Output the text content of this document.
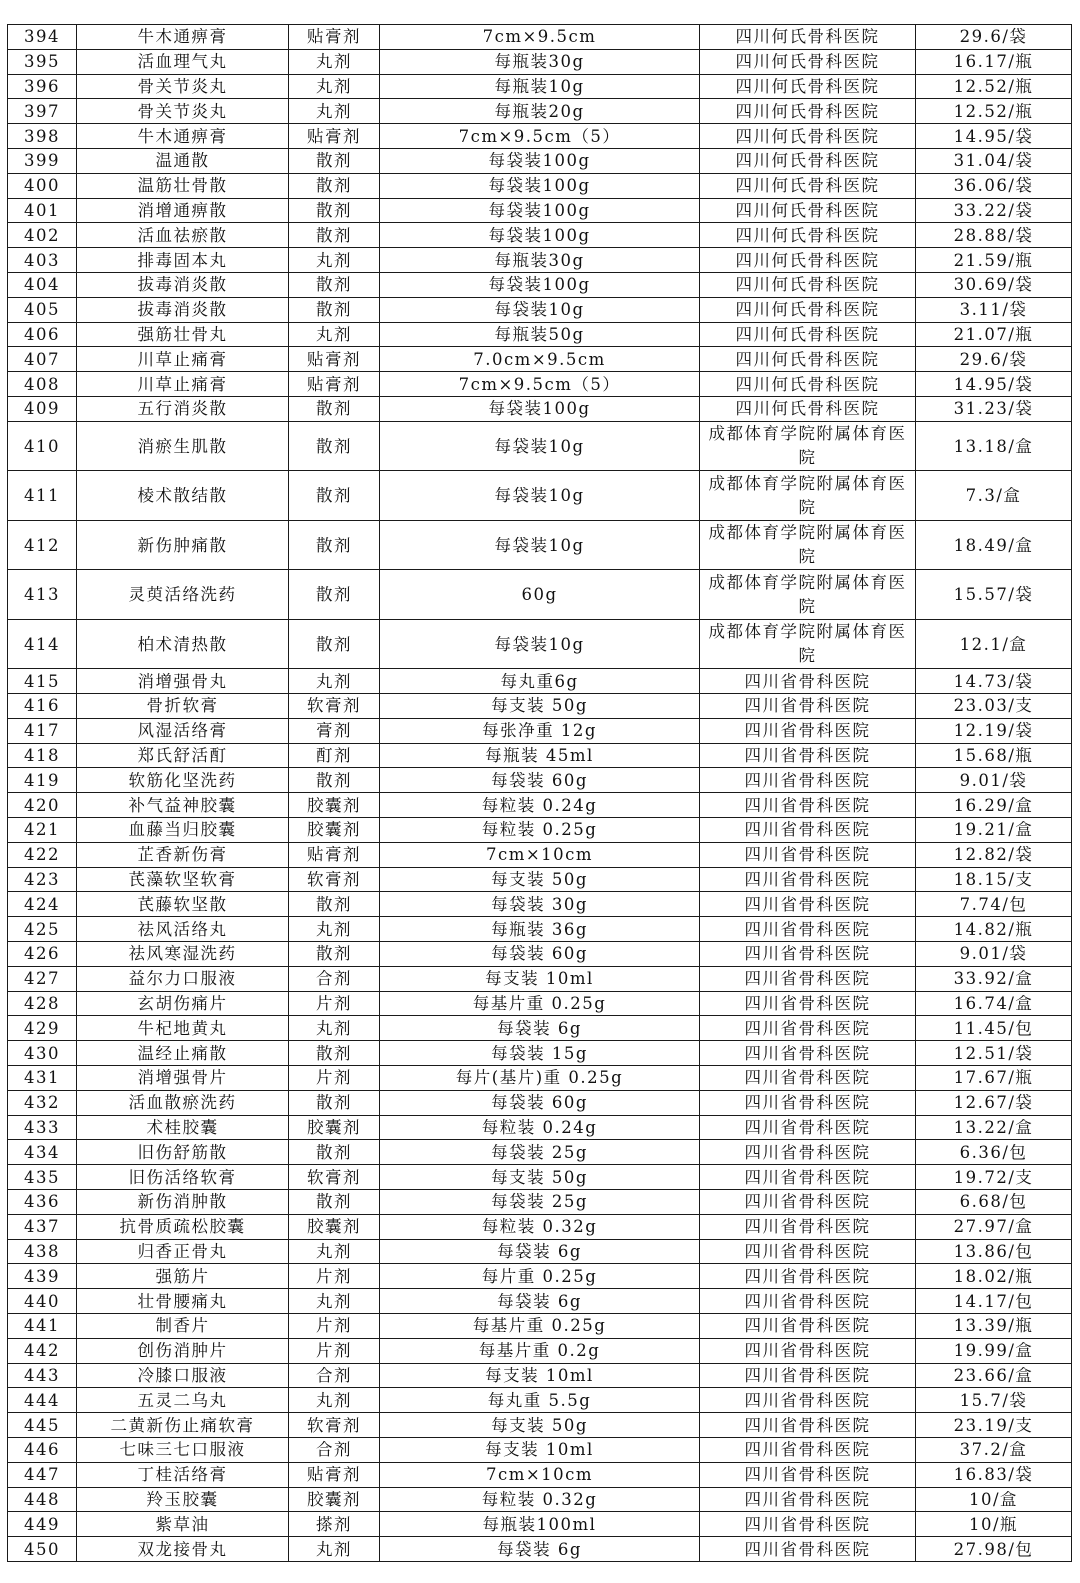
394	牛木通痹膏	贴膏剂	7cm×9.5cm	四川何氏骨科医院	29.6/袋
395	活血理气丸	丸剂	每瓶装30g	四川何氏骨科医院	16.17/瓶
396	骨关节炎丸	丸剂	每瓶装10g	四川何氏骨科医院	12.52/瓶
397	骨关节炎丸	丸剂	每瓶装20g	四川何氏骨科医院	12.52/瓶
398	牛木通痹膏	贴膏剂	7cm×9.5cm（5）	四川何氏骨科医院	14.95/袋
399	温通散	散剂	每袋装100g	四川何氏骨科医院	31.04/袋
400	温筋壮骨散	散剂	每袋装100g	四川何氏骨科医院	36.06/袋
401	消增通痹散	散剂	每袋装100g	四川何氏骨科医院	33.22/袋
402	活血祛瘀散	散剂	每袋装100g	四川何氏骨科医院	28.88/袋
403	排毒固本丸	丸剂	每瓶装30g	四川何氏骨科医院	21.59/瓶
404	拔毒消炎散	散剂	每袋装100g	四川何氏骨科医院	30.69/袋
405	拔毒消炎散	散剂	每袋装10g	四川何氏骨科医院	3.11/袋
406	强筋壮骨丸	丸剂	每瓶装50g	四川何氏骨科医院	21.07/瓶
407	川草止痛膏	贴膏剂	7.0cm×9.5cm	四川何氏骨科医院	29.6/袋
408	川草止痛膏	贴膏剂	7cm×9.5cm（5）	四川何氏骨科医院	14.95/袋
409	五行消炎散	散剂	每袋装100g	四川何氏骨科医院	31.23/袋
410	消瘀生肌散	散剂	每袋装10g	成都体育学院附属体育医院	13.18/盒
411	棱术散结散	散剂	每袋装10g	成都体育学院附属体育医院	7.3/盒
412	新伤肿痛散	散剂	每袋装10g	成都体育学院附属体育医院	18.49/盒
413	灵萸活络洗药	散剂	60g	成都体育学院附属体育医院	15.57/袋
414	柏术清热散	散剂	每袋装10g	成都体育学院附属体育医院	12.1/盒
415	消增强骨丸	丸剂	每丸重6g	四川省骨科医院	14.73/袋
416	骨折软膏	软膏剂	每支装 50g	四川省骨科医院	23.03/支
417	风湿活络膏	膏剂	每张净重 12g	四川省骨科医院	12.19/袋
418	郑氏舒活酊	酊剂	每瓶装 45ml	四川省骨科医院	15.68/瓶
419	软筋化坚洗药	散剂	每袋装 60g	四川省骨科医院	9.01/袋
420	补气益神胶囊	胶囊剂	每粒装 0.24g	四川省骨科医院	16.29/盒
421	血藤当归胶囊	胶囊剂	每粒装 0.25g	四川省骨科医院	19.21/盒
422	芷香新伤膏	贴膏剂	7cm×10cm	四川省骨科医院	12.82/袋
423	芪藻软坚软膏	软膏剂	每支装 50g	四川省骨科医院	18.15/支
424	芪藤软坚散	散剂	每袋装 30g	四川省骨科医院	7.74/包
425	祛风活络丸	丸剂	每瓶装 36g	四川省骨科医院	14.82/瓶
426	祛风寒湿洗药	散剂	每袋装 60g	四川省骨科医院	9.01/袋
427	益尔力口服液	合剂	每支装 10ml	四川省骨科医院	33.92/盒
428	玄胡伤痛片	片剂	每基片重 0.25g	四川省骨科医院	16.74/盒
429	牛杞地黄丸	丸剂	每袋装 6g	四川省骨科医院	11.45/包
430	温经止痛散	散剂	每袋装 15g	四川省骨科医院	12.51/袋
431	消增强骨片	片剂	每片(基片)重 0.25g	四川省骨科医院	17.67/瓶
432	活血散瘀洗药	散剂	每袋装 60g	四川省骨科医院	12.67/袋
433	术桂胶囊	胶囊剂	每粒装 0.24g	四川省骨科医院	13.22/盒
434	旧伤舒筋散	散剂	每袋装 25g	四川省骨科医院	6.36/包
435	旧伤活络软膏	软膏剂	每支装 50g	四川省骨科医院	19.72/支
436	新伤消肿散	散剂	每袋装 25g	四川省骨科医院	6.68/包
437	抗骨质疏松胶囊	胶囊剂	每粒装 0.32g	四川省骨科医院	27.97/盒
438	归香正骨丸	丸剂	每袋装 6g	四川省骨科医院	13.86/包
439	强筋片	片剂	每片重 0.25g	四川省骨科医院	18.02/瓶
440	壮骨腰痛丸	丸剂	每袋装 6g	四川省骨科医院	14.17/包
441	制香片	片剂	每基片重 0.25g	四川省骨科医院	13.39/瓶
442	创伤消肿片	片剂	每基片重 0.2g	四川省骨科医院	19.99/盒
443	冷膝口服液	合剂	每支装 10ml	四川省骨科医院	23.66/盒
444	五灵二乌丸	丸剂	每丸重 5.5g	四川省骨科医院	15.7/袋
445	二黄新伤止痛软膏	软膏剂	每支装 50g	四川省骨科医院	23.19/支
446	七味三七口服液	合剂	每支装 10ml	四川省骨科医院	37.2/盒
447	丁桂活络膏	贴膏剂	7cm×10cm	四川省骨科医院	16.83/袋
448	羚玉胶囊	胶囊剂	每粒装 0.32g	四川省骨科医院	10/盒
449	紫草油	搽剂	每瓶装100ml	四川省骨科医院	10/瓶
450	双龙接骨丸	丸剂	每袋装 6g	四川省骨科医院	27.98/包
